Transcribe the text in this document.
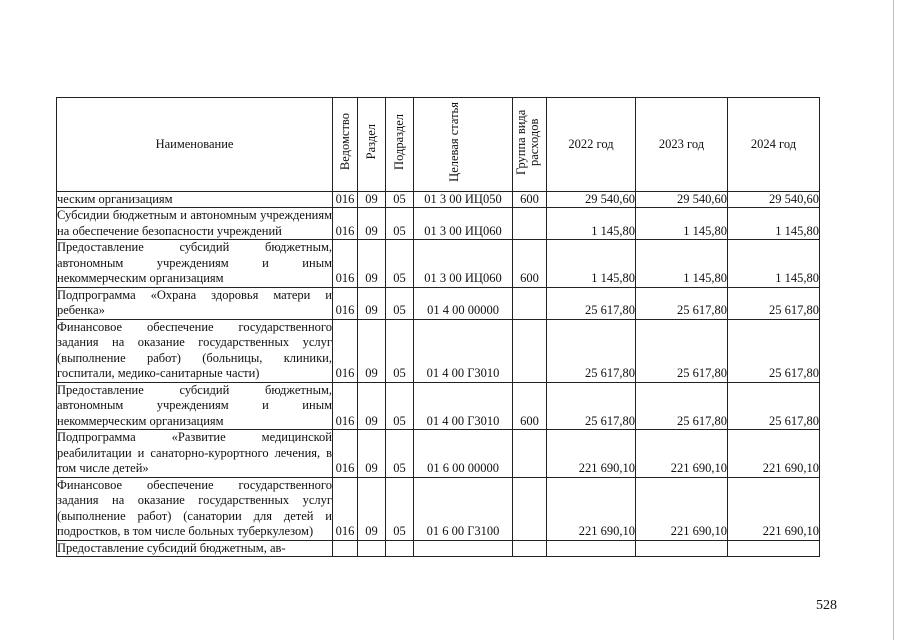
Наименование	Ведомство	Раздел	Подраздел	Целевая статья	Группа вида расходов	2022 год	2023 год	2024 год
ческим организациям	016	09	05	01 3 00 ИЦ050	600	29 540,60	29 540,60	29 540,60
Субсидии бюджетным и автономным учреждениям на обеспечение безопасности учреждений	016	09	05	01 3 00 ИЦ060		1 145,80	1 145,80	1 145,80
Предоставление субсидий бюджетным, автономным учреждениям и иным некоммерческим организациям	016	09	05	01 3 00 ИЦ060	600	1 145,80	1 145,80	1 145,80
Подпрограмма «Охрана здоровья матери и ребенка»	016	09	05	01 4 00 00000		25 617,80	25 617,80	25 617,80
Финансовое обеспечение государственного задания на оказание государственных услуг (выполнение работ) (больницы, клиники, госпитали, медико-санитарные части)	016	09	05	01 4 00 Г3010		25 617,80	25 617,80	25 617,80
Предоставление субсидий бюджетным, автономным учреждениям и иным некоммерческим организациям	016	09	05	01 4 00 Г3010	600	25 617,80	25 617,80	25 617,80
Подпрограмма «Развитие медицинской реабилитации и санаторно-курортного лечения, в том числе детей»	016	09	05	01 6 00 00000		221 690,10	221 690,10	221 690,10
Финансовое обеспечение государственного задания на оказание государственных услуг (выполнение работ) (санатории для детей и подростков, в том числе больных туберкулезом)	016	09	05	01 6 00 Г3100		221 690,10	221 690,10	221 690,10
Предоставление субсидий бюджетным, ав-								
528
